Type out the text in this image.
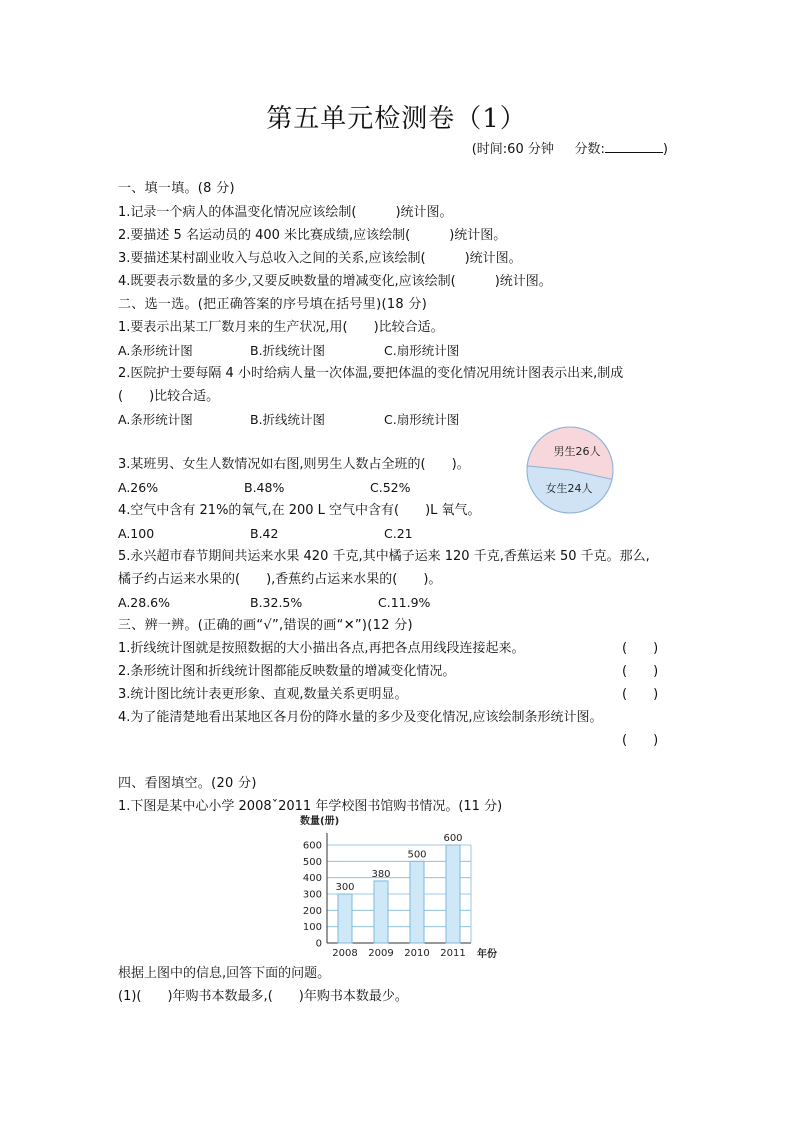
第五单元检测卷（1）
(时间:60 分钟 分数:	)
一、填一填。(8 分)
1.记录一个病人的体温变化情况应该绘制(　　　)统计图。
2.要描述 5 名运动员的 400 米比赛成绩,应该绘制(　　　)统计图。
3.要描述某村副业收入与总收入之间的关系,应该绘制(　　　)统计图。
4.既要表示数量的多少,又要反映数量的增减变化,应该绘制(　　　)统计图。
二、选一选。(把正确答案的序号填在括号里)(18 分)
1.要表示出某工厂数月来的生产状况,用(　　)比较合适。
A.条形统计图	B.折线统计图	C.扇形统计图
2.医院护士要每隔 4 小时给病人量一次体温,要把体温的变化情况用统计图表示出来,制成
(　　)比较合适。
A.条形统计图	B.折线统计图	C.扇形统计图
男生26人
女生24人
3.某班男、女生人数情况如右图,则男生人数占全班的(　　)。
A.26%	B.48%	C.52%
4.空气中含有 21%的氧气,在 200 L 空气中含有(　　)L 氧气。
A.100	B.42	C.21
5.永兴超市春节期间共运来水果 420 千克,其中橘子运来 120 千克,香蕉运来 50 千克。那么,
橘子约占运来水果的(　　),香蕉约占运来水果的(　　)。
A.28.6%	B.32.5%	C.11.9%
三、辨一辨。(正确的画“√”,错误的画“✕”)(12 分)
1.折线统计图就是按照数据的大小描出各点,再把各点用线段连接起来。	(　　)
2.条形统计图和折线统计图都能反映数量的增减变化情况。	(　　)
3.统计图比统计表更形象、直观,数量关系更明显。	(　　)
4.为了能清楚地看出某地区各月份的降水量的多少及变化情况,应该绘制条形统计图。
(　　)
四、看图填空。(20 分)
1.下图是某中心小学 2008ˇ2011 年学校图书馆购书情况。(11 分)
0
100
200
300
400
500
600
数量(册)
300
2008
380
2009
500
2010
600
2011 年份
根据上图中的信息,回答下面的问题。
(1)(　　)年购书本数最多,(　　)年购书本数最少。
